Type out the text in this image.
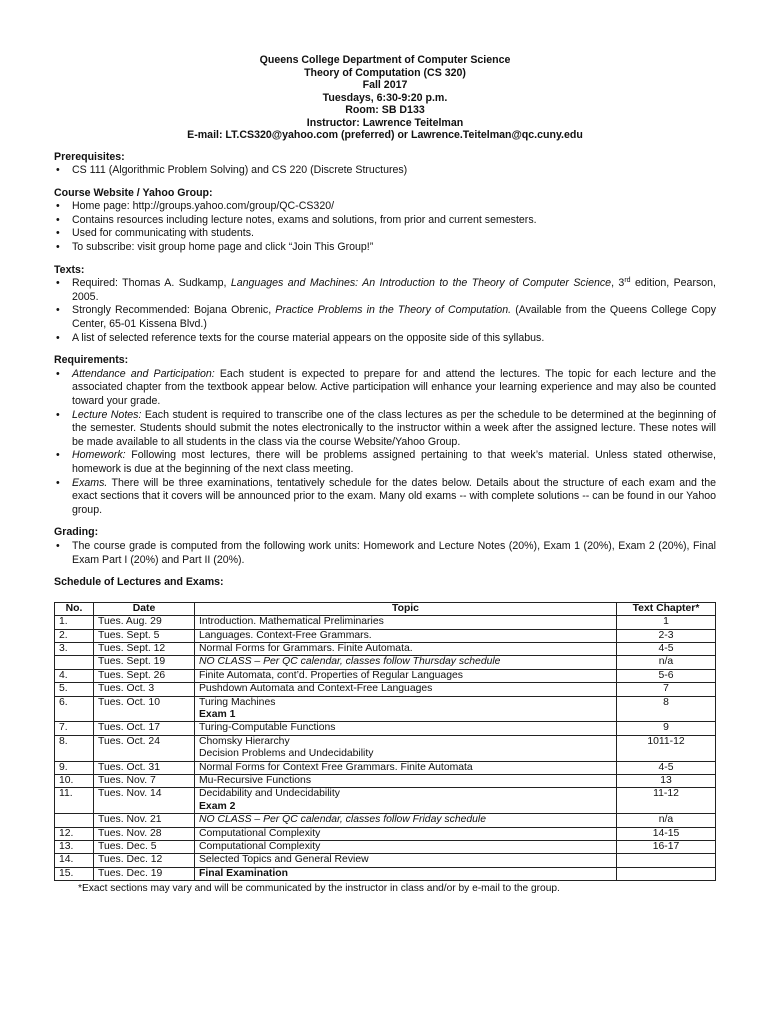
Queens College Department of Computer Science
Theory of Computation (CS 320)
Fall 2017
Tuesdays, 6:30-9:20 p.m.
Room: SB D133
Instructor: Lawrence Teitelman
E-mail: LT.CS320@yahoo.com (preferred) or Lawrence.Teitelman@qc.cuny.edu
Prerequisites:
• CS 111 (Algorithmic Problem Solving) and CS 220 (Discrete Structures)
Course Website / Yahoo Group:
• Home page: http://groups.yahoo.com/group/QC-CS320/
• Contains resources including lecture notes, exams and solutions, from prior and current semesters.
• Used for communicating with students.
• To subscribe: visit group home page and click “Join This Group!”
Texts:
• Required: Thomas A. Sudkamp, Languages and Machines: An Introduction to the Theory of Computer Science, 3rd edition, Pearson, 2005.
• Strongly Recommended: Bojana Obrenic, Practice Problems in the Theory of Computation. (Available from the Queens College Copy Center, 65-01 Kissena Blvd.)
• A list of selected reference texts for the course material appears on the opposite side of this syllabus.
Requirements:
• Attendance and Participation: Each student is expected to prepare for and attend the lectures. The topic for each lecture and the associated chapter from the textbook appear below. Active participation will enhance your learning experience and may also be counted toward your grade.
• Lecture Notes: Each student is required to transcribe one of the class lectures as per the schedule to be determined at the beginning of the semester. Students should submit the notes electronically to the instructor within a week after the assigned lecture. These notes will be made available to all students in the class via the course Website/Yahoo Group.
• Homework: Following most lectures, there will be problems assigned pertaining to that week’s material. Unless stated otherwise, homework is due at the beginning of the next class meeting.
• Exams. There will be three examinations, tentatively schedule for the dates below. Details about the structure of each exam and the exact sections that it covers will be announced prior to the exam. Many old exams -- with complete solutions -- can be found in our Yahoo group.
Grading:
• The course grade is computed from the following work units: Homework and Lecture Notes (20%), Exam 1 (20%), Exam 2 (20%), Final Exam Part I (20%) and Part II (20%).
Schedule of Lectures and Exams:
No.	Date	Topic	Text Chapter*
1.	Tues. Aug. 29	Introduction. Mathematical Preliminaries	1
2.	Tues. Sept. 5	Languages. Context-Free Grammars.	2-3
3.	Tues. Sept. 12	Normal Forms for Grammars. Finite Automata.	4-5
	Tues. Sept. 19	NO CLASS – Per QC calendar, classes follow Thursday schedule	n/a
4.	Tues. Sept. 26	Finite Automata, cont’d. Properties of Regular Languages	5-6
5.	Tues. Oct. 3	Pushdown Automata and Context-Free Languages	7
6.	Tues. Oct. 10	Turing Machines
Exam 1	8
7.	Tues. Oct. 17	Turing-Computable Functions	9
8.	Tues. Oct. 24	Chomsky Hierarchy
Decision Problems and Undecidability	1011-12
9.	Tues. Oct. 31	Normal Forms for Context Free Grammars. Finite Automata	4-5
10.	Tues. Nov. 7	Mu-Recursive Functions	13
11.	Tues. Nov. 14	Decidability and Undecidability
Exam 2	11-12
	Tues. Nov. 21	NO CLASS – Per QC calendar, classes follow Friday schedule	n/a
12.	Tues. Nov. 28	Computational Complexity	14-15
13.	Tues. Dec. 5	Computational Complexity	16-17
14.	Tues. Dec. 12	Selected Topics and General Review	

15.	Tues. Dec. 19	Final Examination	

*Exact sections may vary and will be communicated by the instructor in class and/or by e-mail to the group.
